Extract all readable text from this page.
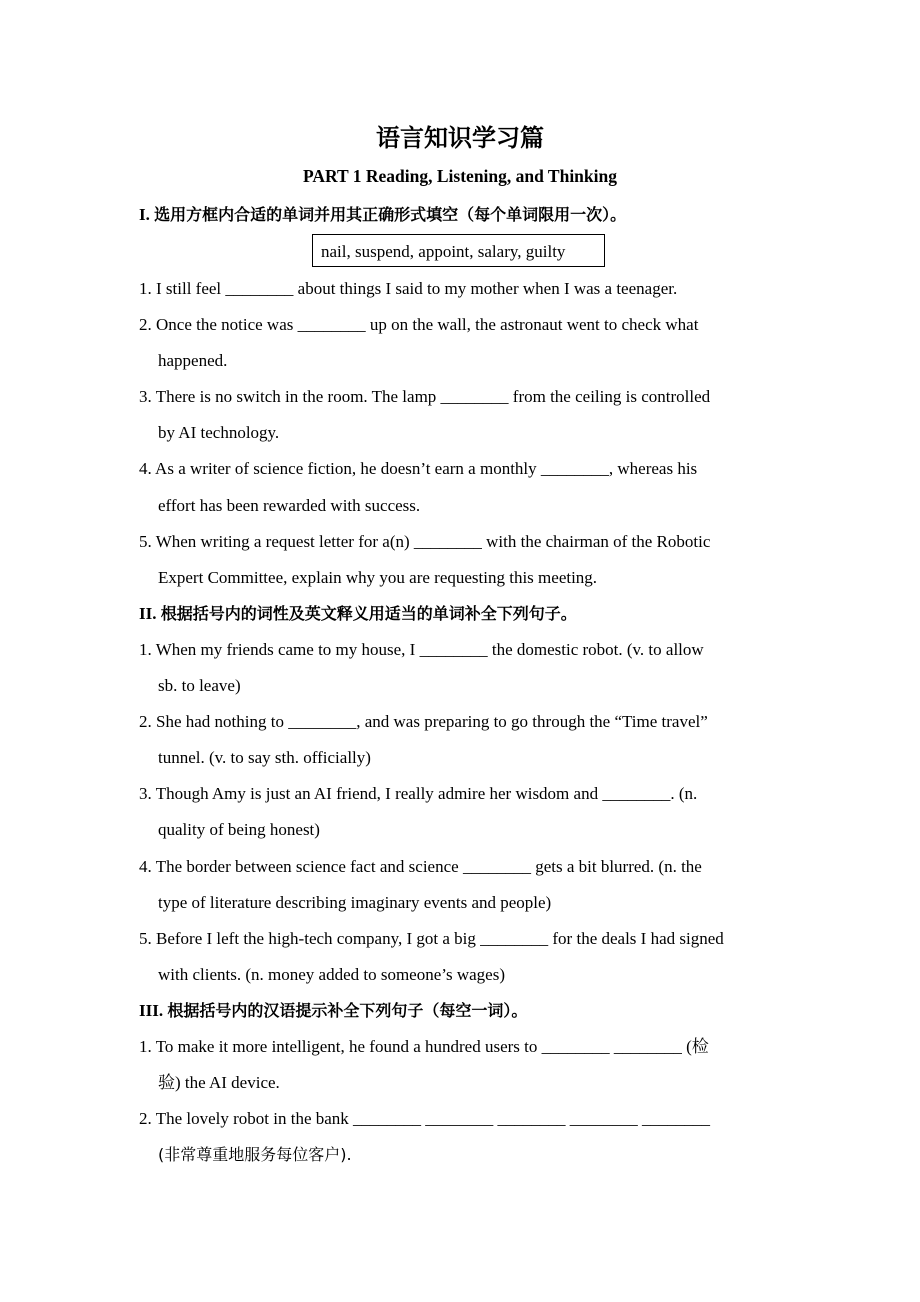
语言知识学习篇
PART 1 Reading, Listening, and Thinking
I. 选用方框内合适的单词并用其正确形式填空（每个单词限用一次）。
nail, suspend, appoint, salary, guilty
1. I still feel ________ about things I said to my mother when I was a teenager.
2. Once the notice was ________ up on the wall, the astronaut went to check what
happened.
3. There is no switch in the room. The lamp ________ from the ceiling is controlled
by AI technology.
4. As a writer of science fiction, he doesn’t earn a monthly ________, whereas his
effort has been rewarded with success.
5. When writing a request letter for a(n) ________ with the chairman of the Robotic
Expert Committee, explain why you are requesting this meeting.
II. 根据括号内的词性及英文释义用适当的单词补全下列句子。
1. When my friends came to my house, I ________ the domestic robot. (v. to allow
sb. to leave)
2. She had nothing to ________, and was preparing to go through the “Time travel”
tunnel. (v. to say sth. officially)
3. Though Amy is just an AI friend, I really admire her wisdom and ________. (n.
quality of being honest)
4. The border between science fact and science ________ gets a bit blurred. (n. the
type of literature describing imaginary events and people)
5. Before I left the high-tech company, I got a big ________ for the deals I had signed
with clients. (n. money added to someone’s wages)
III. 根据括号内的汉语提示补全下列句子（每空一词）。
1. To make it more intelligent, he found a hundred users to ________ ________ (检
验) the AI device.
2. The lovely robot in the bank ________ ________ ________ ________ ________
(非常尊重地服务每位客户).
